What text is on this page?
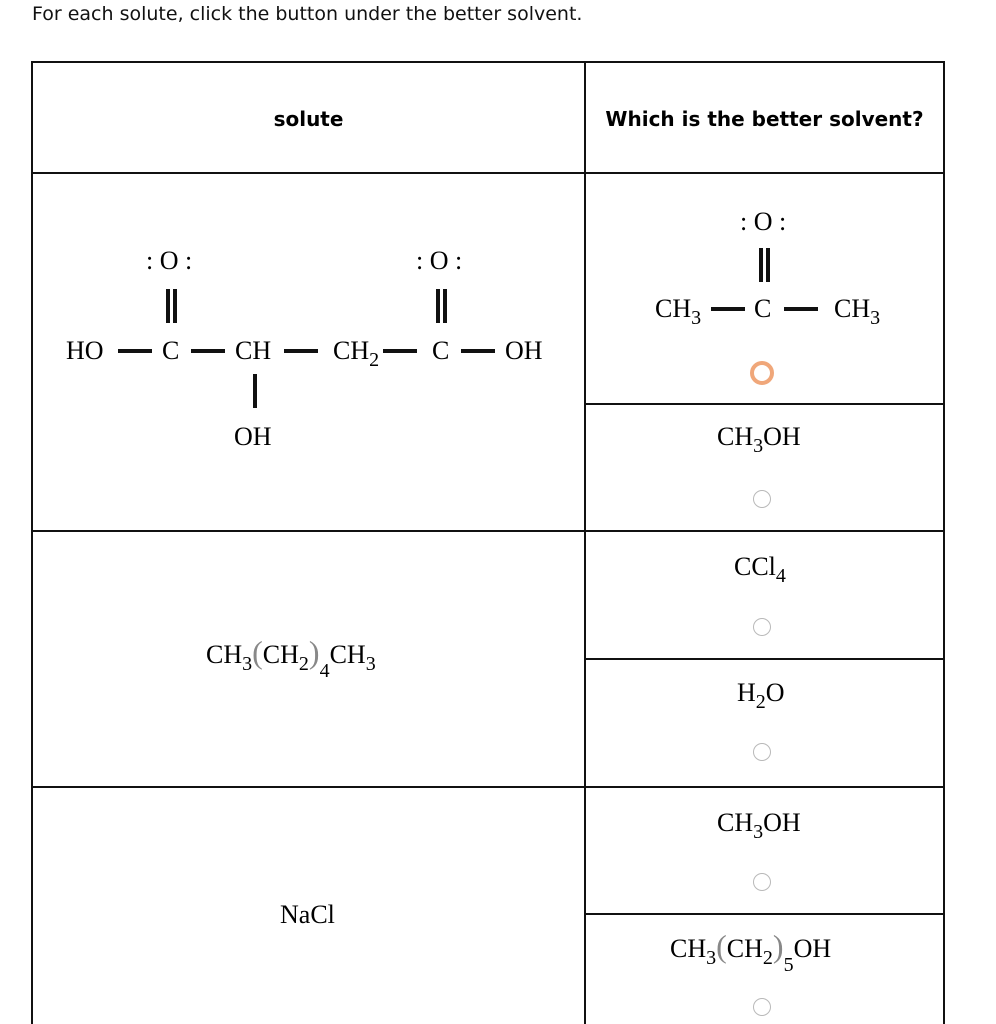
For each solute, click the button under the better solvent.
solute	Which is the better solvent?
: O :	: O :
HO C CH $CH_2$ C OH
OH
: O :
$CH_3$ C $CH_3$
$CH_3OH$
$CH_3(CH_2)_4CH_3$
CCl$_4$
$H_2O$
NaCl
$CH_3OH$
$CH_3(CH_2)_5OH$
